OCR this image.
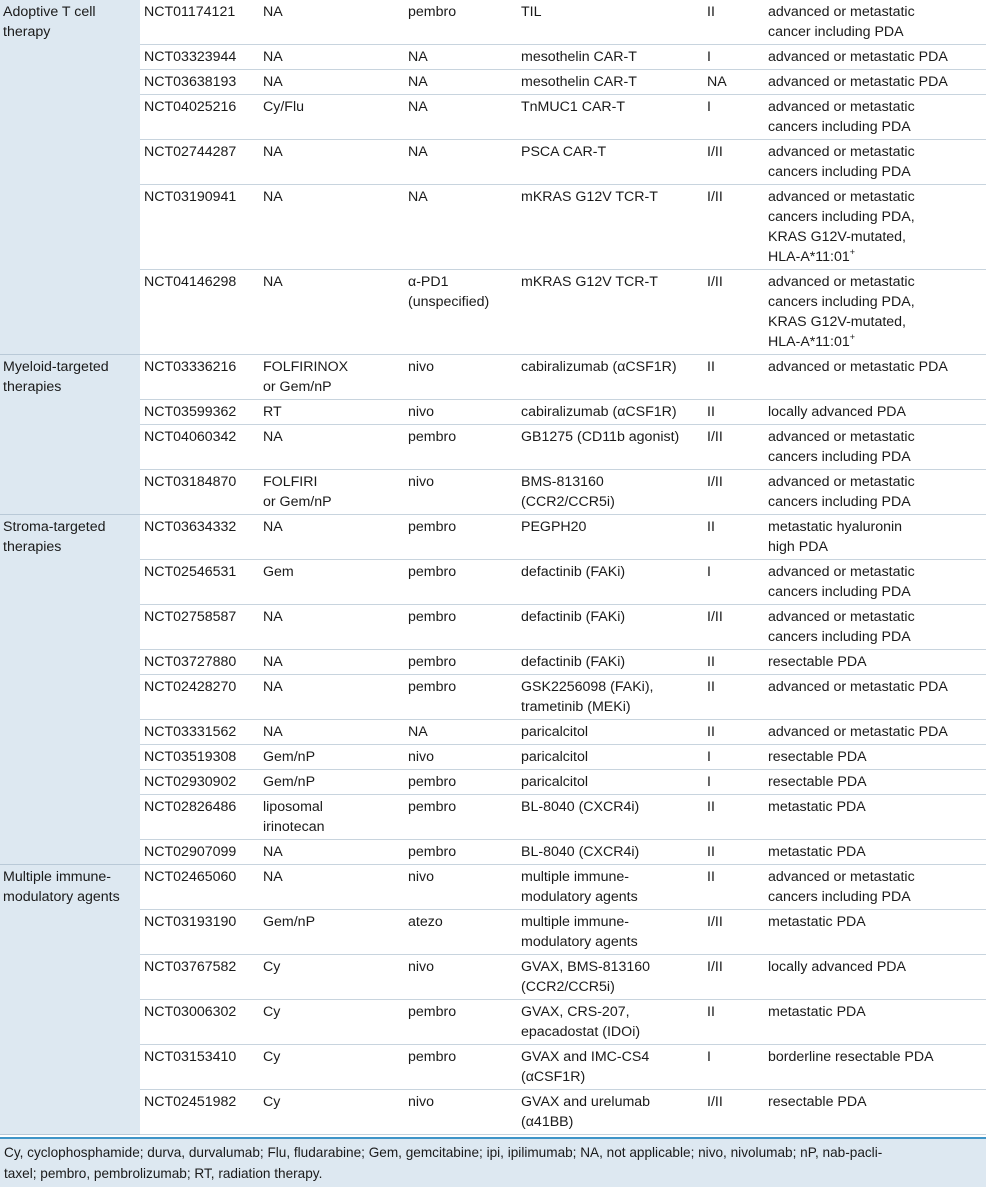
Adoptive T cell
therapy	NCT01174121	NA	pembro	TIL	II	advanced or metastatic
cancer including PDA

	NCT03323944	NA	NA	mesothelin CAR-T	I	advanced or metastatic PDA

	NCT03638193	NA	NA	mesothelin CAR-T	NA	advanced or metastatic PDA

	NCT04025216	Cy/Flu	NA	TnMUC1 CAR-T	I	advanced or metastatic
cancers including PDA

	NCT02744287	NA	NA	PSCA CAR-T	I/II	advanced or metastatic
cancers including PDA

	NCT03190941	NA	NA	mKRAS G12V TCR-T	I/II	advanced or metastatic
cancers including PDA,
KRAS G12V-mutated,
HLA-A*11:01+

	NCT04146298	NA	α-PD1
(unspecified)	mKRAS G12V TCR-T	I/II	advanced or metastatic
cancers including PDA,
KRAS G12V-mutated,
HLA-A*11:01+

Myeloid-targeted
therapies	NCT03336216	FOLFIRINOX
or Gem/nP	nivo	cabiralizumab (αCSF1R)	II	advanced or metastatic PDA

	NCT03599362	RT	nivo	cabiralizumab (αCSF1R)	II	locally advanced PDA

	NCT04060342	NA	pembro	GB1275 (CD11b agonist)	I/II	advanced or metastatic
cancers including PDA

	NCT03184870	FOLFIRI
or Gem/nP	nivo	BMS-813160
(CCR2/CCR5i)	I/II	advanced or metastatic
cancers including PDA

Stroma-targeted
therapies	NCT03634332	NA	pembro	PEGPH20	II	metastatic hyaluronin
high PDA

	NCT02546531	Gem	pembro	defactinib (FAKi)	I	advanced or metastatic
cancers including PDA

	NCT02758587	NA	pembro	defactinib (FAKi)	I/II	advanced or metastatic
cancers including PDA

	NCT03727880	NA	pembro	defactinib (FAKi)	II	resectable PDA

	NCT02428270	NA	pembro	GSK2256098 (FAKi),
trametinib (MEKi)	II	advanced or metastatic PDA

	NCT03331562	NA	NA	paricalcitol	II	advanced or metastatic PDA

	NCT03519308	Gem/nP	nivo	paricalcitol	I	resectable PDA

	NCT02930902	Gem/nP	pembro	paricalcitol	I	resectable PDA

	NCT02826486	liposomal
irinotecan	pembro	BL-8040 (CXCR4i)	II	metastatic PDA

	NCT02907099	NA	pembro	BL-8040 (CXCR4i)	II	metastatic PDA

Multiple immune-
modulatory agents	NCT02465060	NA	nivo	multiple immune-
modulatory agents	II	advanced or metastatic
cancers including PDA

	NCT03193190	Gem/nP	atezo	multiple immune-
modulatory agents	I/II	metastatic PDA

	NCT03767582	Cy	nivo	GVAX, BMS-813160
(CCR2/CCR5i)	I/II	locally advanced PDA

	NCT03006302	Cy	pembro	GVAX, CRS-207,
epacadostat (IDOi)	II	metastatic PDA

	NCT03153410	Cy	pembro	GVAX and IMC-CS4
(αCSF1R)	I	borderline resectable PDA

	NCT02451982	Cy	nivo	GVAX and urelumab
(α41BB)	I/II	resectable PDA
Cy, cyclophosphamide; durva, durvalumab; Flu, fludarabine; Gem, gemcitabine; ipi, ipilimumab; NA, not applicable; nivo, nivolumab; nP, nab-pacli-
taxel; pembro, pembrolizumab; RT, radiation therapy.
